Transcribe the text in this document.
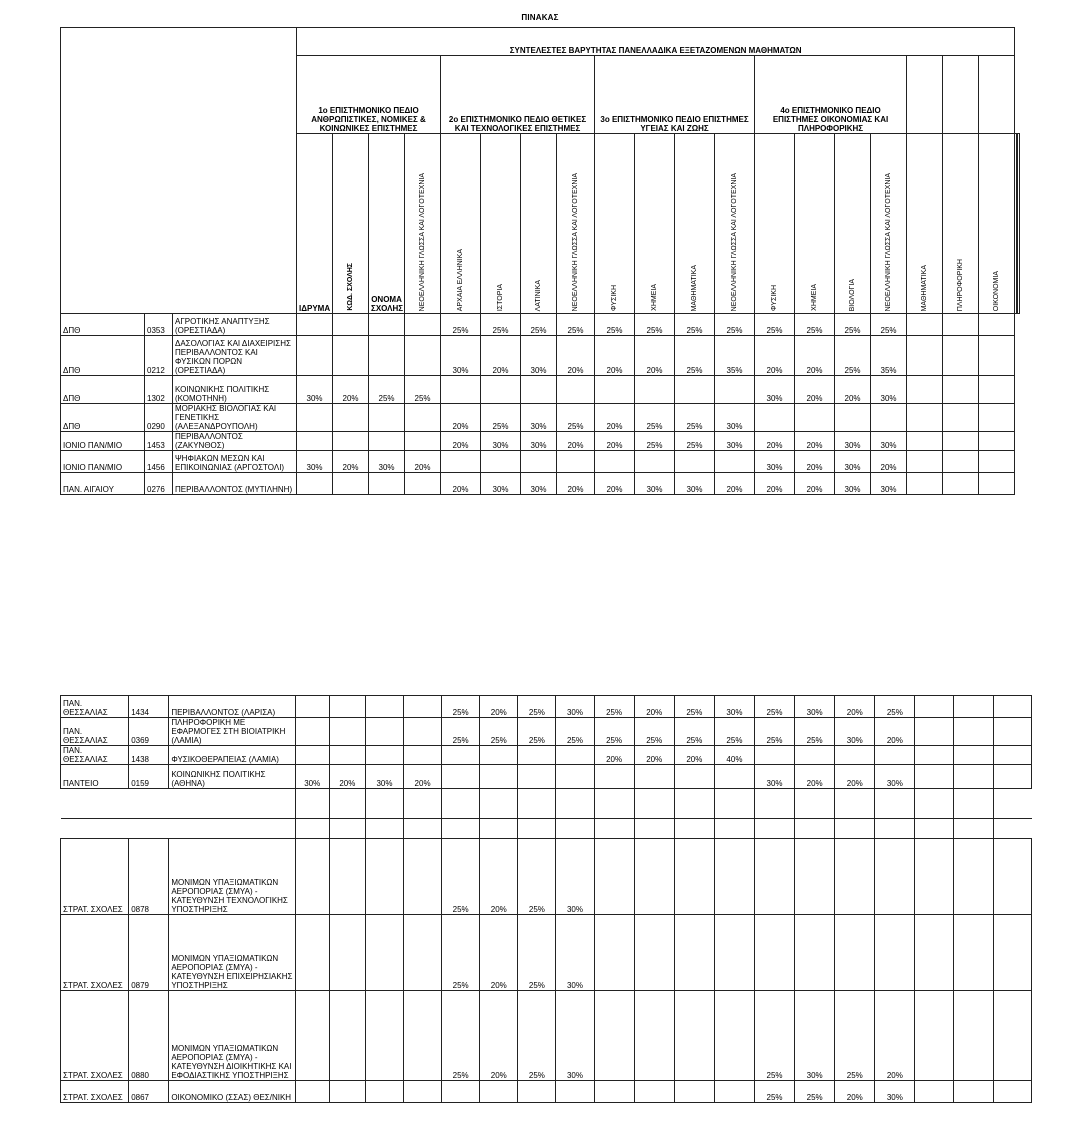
ΠΙΝΑΚΑΣ
			ΣΥΝΤΕΛΕΣΤΕΣ ΒΑΡΥΤΗΤΑΣ ΠΑΝΕΛΛΑΔΙΚΑ ΕΞΕΤΑΖΟΜΕΝΩΝ ΜΑΘΗΜΑΤΩΝ																				
			1ο ΕΠΙΣΤΗΜΟΝΙΚΟ ΠΕΔΙΟ ΑΝΘΡΩΠΙΣΤΙΚΕΣ, ΝΟΜΙΚΕΣ & ΚΟΙΝΩΝΙΚΕΣ ΕΠΙΣΤΗΜΕΣ				2ο ΕΠΙΣΤΗΜΟΝΙΚΟ ΠΕΔΙΟ ΘΕΤΙΚΕΣ ΚΑΙ ΤΕΧΝΟΛΟΓΙΚΕΣ ΕΠΙΣΤΗΜΕΣ				3ο ΕΠΙΣΤΗΜΟΝΙΚΟ ΠΕΔΙΟ ΕΠΙΣΤΗΜΕΣ ΥΓΕΙΑΣ ΚΑΙ ΖΩΗΣ				4ο ΕΠΙΣΤΗΜΟΝΙΚΟ ΠΕΔΙΟ ΕΠΙΣΤΗΜΕΣ ΟΙΚΟΝΟΜΙΑΣ ΚΑΙ ΠΛΗΡΟΦΟΡΙΚΗΣ								
			ΙΔΡΥΜΑ	ΚΩΔ. ΣΧΟΛΗΣ	ΟΝΟΜΑ ΣΧΟΛΗΣ	ΝΕΟΕΛΛΗΝΙΚΗ ΓΛΩΣΣΑ ΚΑΙ ΛΟΓΟΤΕΧΝΙΑ	ΑΡΧΑΙΑ ΕΛΛΗΝΙΚΑ	ΙΣΤΟΡΙΑ	ΛΑΤΙΝΙΚΑ	ΝΕΟΕΛΛΗΝΙΚΗ ΓΛΩΣΣΑ ΚΑΙ ΛΟΓΟΤΕΧΝΙΑ	ΦΥΣΙΚΗ	ΧΗΜΕΙΑ	ΜΑΘΗΜΑΤΙΚΑ	ΝΕΟΕΛΛΗΝΙΚΗ ΓΛΩΣΣΑ ΚΑΙ ΛΟΓΟΤΕΧΝΙΑ	ΦΥΣΙΚΗ	ΧΗΜΕΙΑ	ΒΙΟΛΟΓΙΑ	ΝΕΟΕΛΛΗΝΙΚΗ ΓΛΩΣΣΑ ΚΑΙ ΛΟΓΟΤΕΧΝΙΑ	ΜΑΘΗΜΑΤΙΚΑ	ΠΛΗΡΟΦΟΡΙΚΗ	ΟΙΚΟΝΟΜΙΑ			
ΔΠΘ	0353	ΑΓΡΟΤΙΚΗΣ ΑΝΑΠΤΥΞΗΣ (ΟΡΕΣΤΙΑΔΑ)					25%	25%	25%	25%	25%	25%	25%	25%	25%	25%	25%	25%					
ΔΠΘ	0212	ΔΑΣΟΛΟΓΙΑΣ ΚΑΙ ΔΙΑΧΕΙΡΙΣΗΣ ΠΕΡΙΒΑΛΛΟΝΤΟΣ ΚΑΙ ΦΥΣΙΚΩΝ ΠΟΡΩΝ (ΟΡΕΣΤΙΑΔΑ)					30%	20%	30%	20%	20%	20%	25%	35%	20%	20%	25%	35%					
ΔΠΘ	1302	ΚΟΙΝΩΝΙΚΗΣ ΠΟΛΙΤΙΚΗΣ (ΚΟΜΟΤΗΝΗ)	30%	20%	25%	25%									30%	20%	20%	30%					
ΔΠΘ	0290	ΜΟΡΙΑΚΗΣ ΒΙΟΛΟΓΙΑΣ ΚΑΙ ΓΕΝΕΤΙΚΗΣ (ΑΛΕΞΑΝΔΡΟΥΠΟΛΗ)					20%	25%	30%	25%	20%	25%	25%	30%									
ΙΟΝΙΟ ΠΑΝ/ΜΙΟ	1453	ΠΕΡΙΒΑΛΛΟΝΤΟΣ (ΖΑΚΥΝΘΟΣ)					20%	30%	30%	20%	20%	25%	25%	30%	20%	20%	30%	30%					
ΙΟΝΙΟ ΠΑΝ/ΜΙΟ	1456	ΨΗΦΙΑΚΩΝ ΜΕΣΩΝ ΚΑΙ ΕΠΙΚΟΙΝΩΝΙΑΣ (ΑΡΓΟΣΤΟΛΙ)	30%	20%	30%	20%									30%	20%	30%	20%					
ΠΑΝ. ΑΙΓΑΙΟΥ	0276	ΠΕΡΙΒΑΛΛΟΝΤΟΣ (ΜΥΤΙΛΗΝΗ)					20%	30%	30%	20%	20%	30%	30%	20%	20%	20%	30%	30%					
ΠΑΝ. ΘΕΣΣΑΛΙΑΣ	1434	ΠΕΡΙΒΑΛΛΟΝΤΟΣ (ΛΑΡΙΣΑ)					25%	20%	25%	30%	25%	20%	25%	30%	25%	30%	20%	25%			
ΠΑΝ. ΘΕΣΣΑΛΙΑΣ	0369	ΠΛΗΡΟΦΟΡΙΚΗ ΜΕ ΕΦΑΡΜΟΓΕΣ ΣΤΗ ΒΙΟΙΑΤΡΙΚΗ (ΛΑΜΙΑ)					25%	25%	25%	25%	25%	25%	25%	25%	25%	25%	30%	20%			
ΠΑΝ. ΘΕΣΣΑΛΙΑΣ	1438	ΦΥΣΙΚΟΘΕΡΑΠΕΙΑΣ (ΛΑΜΙΑ)									20%	20%	20%	40%							
ΠΑΝΤΕΙΟ	0159	ΚΟΙΝΩΝΙΚΗΣ ΠΟΛΙΤΙΚΗΣ (ΑΘΗΝΑ)	30%	20%	30%	20%									30%	20%	20%	30%			

ΣΤΡΑΤ. ΣΧΟΛΕΣ	0878	ΜΟΝΙΜΩΝ ΥΠΑΞΙΩΜΑΤΙΚΩΝ ΑΕΡΟΠΟΡΙΑΣ (ΣΜΥΑ) - ΚΑΤΕΥΘΥΝΣΗ ΤΕΧΝΟΛΟΓΙΚΗΣ ΥΠΟΣΤΗΡΙΞΗΣ					25%	20%	25%	30%											
ΣΤΡΑΤ. ΣΧΟΛΕΣ	0879	ΜΟΝΙΜΩΝ ΥΠΑΞΙΩΜΑΤΙΚΩΝ ΑΕΡΟΠΟΡΙΑΣ (ΣΜΥΑ) - ΚΑΤΕΥΘΥΝΣΗ ΕΠΙΧΕΙΡΗΣΙΑΚΗΣ ΥΠΟΣΤΗΡΙΞΗΣ					25%	20%	25%	30%											
ΣΤΡΑΤ. ΣΧΟΛΕΣ	0880	ΜΟΝΙΜΩΝ ΥΠΑΞΙΩΜΑΤΙΚΩΝ ΑΕΡΟΠΟΡΙΑΣ (ΣΜΥΑ) - ΚΑΤΕΥΘΥΝΣΗ ΔΙΟΙΚΗΤΙΚΗΣ ΚΑΙ ΕΦΟΔΙΑΣΤΙΚΗΣ ΥΠΟΣΤΗΡΙΞΗΣ					25%	20%	25%	30%					25%	30%	25%	20%			
ΣΤΡΑΤ. ΣΧΟΛΕΣ	0867	ΟΙΚΟΝΟΜΙΚΟ (ΣΣΑΣ) ΘΕΣ/ΝΙΚΗ													25%	25%	20%	30%			
